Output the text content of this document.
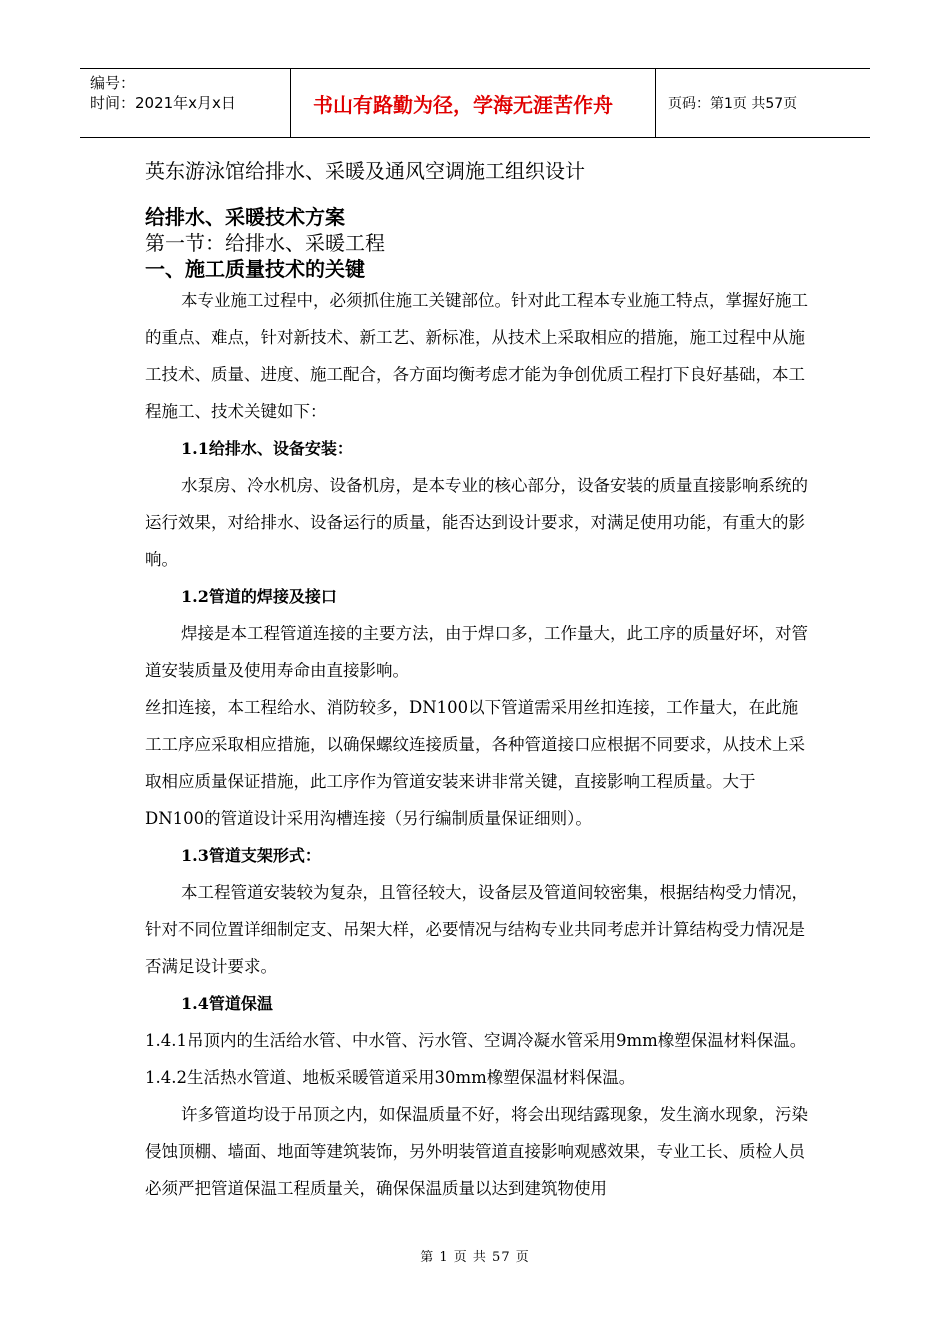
编号：
时间：2021年x月x日	书山有路勤为径，学海无涯苦作舟	页码：第1页 共57页
英东游泳馆给排水、采暖及通风空调施工组织设计
给排水、采暖技术方案
第一节：给排水、采暖工程
一、施工质量技术的关键

本专业施工过程中，必须抓住施工关键部位。针对此工程本专业施工特点，掌握好施工的重点、难点，针对新技术、新工艺、新标准，从技术上采取相应的措施，施工过程中从施工技术、质量、进度、施工配合，各方面均衡考虑才能为争创优质工程打下良好基础，本工程施工、技术关键如下：

1.1给排水、设备安装：

水泵房、冷水机房、设备机房，是本专业的核心部分，设备安装的质量直接影响系统的运行效果，对给排水、设备运行的质量，能否达到设计要求，对满足使用功能，有重大的影响。

1.2管道的焊接及接口

焊接是本工程管道连接的主要方法，由于焊口多，工作量大，此工序的质量好坏，对管道安装质量及使用寿命由直接影响。

丝扣连接，本工程给水、消防较多，DN100以下管道需采用丝扣连接，工作量大，在此施工工序应采取相应措施，以确保螺纹连接质量，各种管道接口应根据不同要求，从技术上采取相应质量保证措施，此工序作为管道安装来讲非常关键，直接影响工程质量。大于DN100的管道设计采用沟槽连接（另行编制质量保证细则）。

1.3管道支架形式：

本工程管道安装较为复杂，且管径较大，设备层及管道间较密集，根据结构受力情况，针对不同位置详细制定支、吊架大样，必要情况与结构专业共同考虑并计算结构受力情况是否满足设计要求。

1.4管道保温

1.4.1吊顶内的生活给水管、中水管、污水管、空调冷凝水管采用9mm橡塑保温材料保温。

1.4.2生活热水管道、地板采暖管道采用30mm橡塑保温材料保温。

许多管道均设于吊顶之内，如保温质量不好，将会出现结露现象，发生滴水现象，污染侵蚀顶棚、墙面、地面等建筑装饰，另外明装管道直接影响观感效果，专业工长、质检人员必须严把管道保温工程质量关，确保保温质量以达到建筑物使用

第 1 页 共 57 页
